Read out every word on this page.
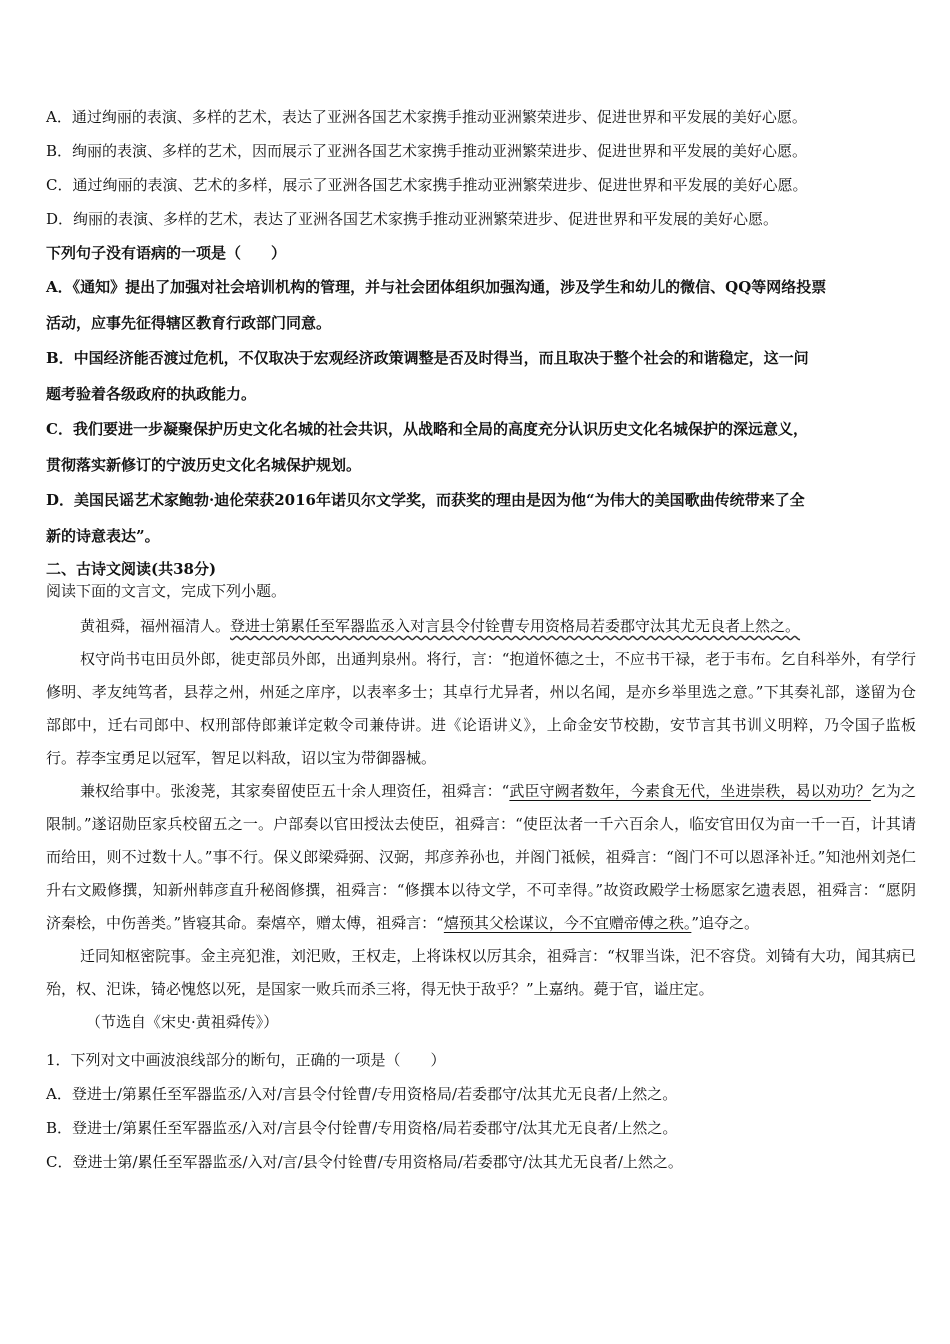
A．通过绚丽的表演、多样的艺术，表达了亚洲各国艺术家携手推动亚洲繁荣进步、促进世界和平发展的美好心愿。
B．绚丽的表演、多样的艺术，因而展示了亚洲各国艺术家携手推动亚洲繁荣进步、促进世界和平发展的美好心愿。
C．通过绚丽的表演、艺术的多样，展示了亚洲各国艺术家携手推动亚洲繁荣进步、促进世界和平发展的美好心愿。
D．绚丽的表演、多样的艺术，表达了亚洲各国艺术家携手推动亚洲繁荣进步、促进世界和平发展的美好心愿。
下列句子没有语病的一项是（　　）
A．《通知》提出了加强对社会培训机构的管理，并与社会团体组织加强沟通，涉及学生和幼儿的微信、QQ等网络投票
活动，应事先征得辖区教育行政部门同意。
B．中国经济能否渡过危机，不仅取决于宏观经济政策调整是否及时得当，而且取决于整个社会的和谐稳定，这一问
题考验着各级政府的执政能力。
C．我们要进一步凝聚保护历史文化名城的社会共识，从战略和全局的高度充分认识历史文化名城保护的深远意义，
贯彻落实新修订的宁波历史文化名城保护规划。
D．美国民谣艺术家鲍勃·迪伦荣获2016年诺贝尔文学奖，而获奖的理由是因为他“为伟大的美国歌曲传统带来了全
新的诗意表达”。
二、古诗文阅读(共38分)
阅读下面的文言文，完成下列小题。

黄祖舜，福州福清人。登进士第累任至军器监丞入对言县令付铨曹专用资格局若委郡守汰其尤无良者上然之。

权守尚书屯田员外郎，徙吏部员外郎，出通判泉州。将行，言：“抱道怀德之士，不应书干禄，老于韦布。乞自科举外，有学行修明、孝友纯笃者，县荐之州，州延之庠序，以表率多士；其卓行尤异者，州以名闻，是亦乡举里选之意。”下其奏礼部，遂留为仓部郎中，迁右司郎中、权刑部侍郎兼详定敕令司兼侍讲。进《论语讲义》，上命金安节校勘，安节言其书训义明粹，乃令国子监板行。荐李宝勇足以冠军，智足以料敌，诏以宝为带御器械。

兼权给事中。张浚荛，其家奏留使臣五十余人理资任，祖舜言：“武臣守阙者数年，今素食无代，坐进崇秩，曷以劝功？乞为之限制。”遂诏勋臣家兵校留五之一。户部奏以官田授汰去使臣，祖舜言：“使臣汰者一千六百余人，临安官田仅为亩一千一百，计其请而给田，则不过数十人。”事不行。保义郎梁舜弼、汉弼，邦彦养孙也，并阁门祗候，祖舜言：“阁门不可以恩泽补迁。”知池州刘尧仁升右文殿修撰，知新州韩彦直升秘阁修撰，祖舜言：“修撰本以待文学，不可幸得。”故资政殿学士杨愿家乞遗表恩，祖舜言：“愿阴济秦桧，中伤善类。”皆寝其命。秦熺卒，赠太傅，祖舜言：“熺预其父桧谋议，今不宜赠帝傅之秩。”追夺之。

迁同知枢密院事。金主亮犯淮，刘汜败，王权走，上将诛权以厉其余，祖舜言：“权罪当诛，汜不容贷。刘锜有大功，闻其病已殆，权、汜诛，锜必愧悠以死，是国家一败兵而杀三将，得无快于敌乎？”上嘉纳。薨于官，谥庄定。

（节选自《宋史·黄祖舜传》）

1．下列对文中画波浪线部分的断句，正确的一项是（　　）
A．登进士/第累任至军器监丞/入对/言县令付铨曹/专用资格局/若委郡守/汰其尤无良者/上然之。
B．登进士/第累任至军器监丞/入对/言县令付铨曹/专用资格/局若委郡守/汰其尤无良者/上然之。
C．登进士第/累任至军器监丞/入对/言/县令付铨曹/专用资格局/若委郡守/汰其尤无良者/上然之。
